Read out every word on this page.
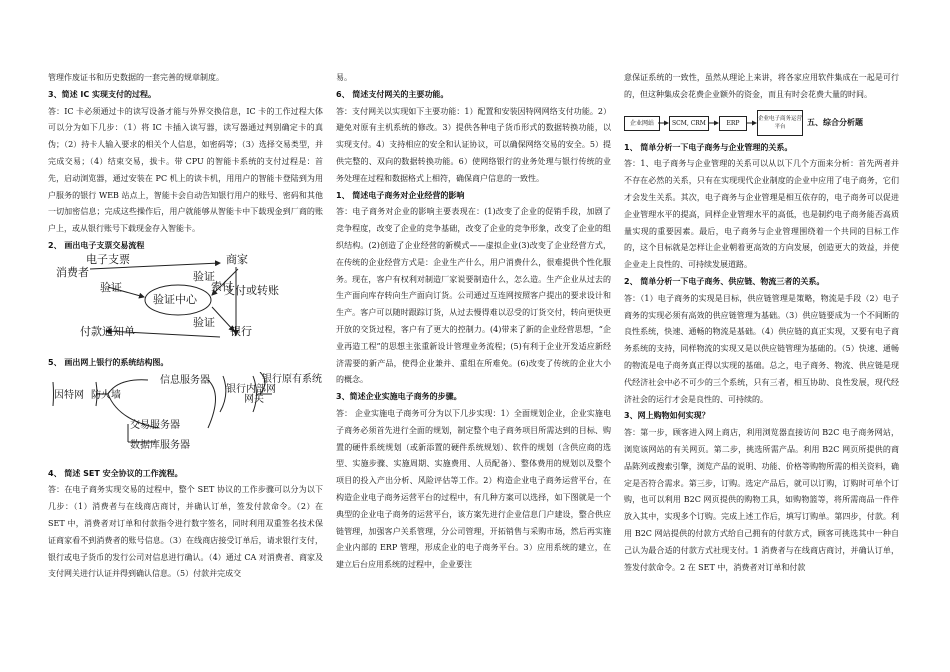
管理作废证书和历史数据的一套完善的规章制度。

3、简述 IC 实现支付的过程。

答：IC 卡必须通过卡的读写设备才能与外界交换信息，IC 卡的工作过程大体可以分为如下几步：（1）将 IC 卡插入读写器，读写器通过判别确定卡的真伪；（2）持卡人输入要求的相关个人信息，如密码等；（3）选择交易类型，并完成交易；（4）结束交易，拔卡。带 CPU 的智能卡系统的支付过程是：首先，启动浏览器，通过安装在 PC 机上的读卡机，用用户的智能卡登陆到为用户服务的银行 WEB 站点上，智能卡会自动告知银行用户的账号、密码和其他一切加密信息；完成这些操作后，用户就能够从智能卡中下载现金到厂商的账户上，或从银行账号下载现金存入智能卡。

2、 画出电子支票交易流程
电子支票	商家
消费者	验证
验证	索付
验证中心
支付或转账
验证
付款通知单	银行
5、 画出网上银行的系统结构图。
因特网 防火墙
信息服务器
银行内部网
银行原有系统
网关
交易服务器
数据库服务器
4、 简述 SET 安全协议的工作流程。

答：在电子商务实现交易的过程中，整个 SET 协议的工作步骤可以分为以下几步：（1）消费者与在线商店商讨，并确认订单，签发付款命令。（2）在 SET 中，消费者对订单和付款指令进行数字签名，同时利用双重签名技术保证商家看不到消费者的账号信息。（3）在线商店接受订单后，请求银行支付，银行或电子货币的发行公司对信息进行确认。（4）通过 CA 对消费者、商家及支付网关进行认证并得到确认信息。（5）付款并完成交

易。

6、 简述支付网关的主要功能。

答：支付网关以实现如下主要功能：1）配置和安装因特网网络支付功能。2）避免对原有主机系统的修改。3）提供各种电子货币形式的数据转换功能，以实现支付。4）支持相应的安全和认证协议，可以确保网络交易的安全。5）提供完整的、双向的数据转换功能。6）使网络银行的业务处理与银行传统的业务处理在过程和数据格式上相符，确保商户信息的一致性。

1、 简述电子商务对企业经营的影响

答：电子商务对企业的影响主要表现在：(1)改变了企业的促销手段，加剧了竞争程度，改变了企业的竞争基础，改变了企业的竞争形象，改变了企业的组织结构。(2)创造了企业经营的新模式——虚拟企业(3)改变了企业经营方式，在传统的企业经营方式是：企业生产什么，用户消费什么，很难提供个性化服务。现在，客户有权利对制造厂家说要制造什么，怎么造。生产企业从过去的生产面向库存转向生产面向订货。公司通过互连网按照客户提出的要求设计和生产。客户可以随时跟踪订货，从过去慢得难以忍受的订货交付，转向更快更开放的交货过程，客户有了更大的控制力。(4)带来了新的企业经营思想，“企业再造工程”的思想主张重新设计管理业务流程；(5)有利于企业开发适应新经济需要的新产品，使得企业兼并、重组在所难免。(6)改变了传统的企业大小的概念。

3、简述企业实施电子商务的步骤。

答： 企业实施电子商务可分为以下几步实现：1）全面规划企业，企业实施电子商务必须首先进行全面的规划，制定整个电子商务项目所需达到的目标、购置的硬件系统规划（或新添置的硬件系统规划）、软件的规划（含供应商的选型、实施步骤、实施周期、实施费用、人员配备）、整体费用的规划以及整个项目的投入产出分析、风险评估等工作。2）构造企业电子商务运营平台，在构造企业电子商务运营平台的过程中，有几种方案可以选择，如下图就是一个典型的企业电子商务的运营平台，该方案先进行企业信息门户建设，整合供应链管理，加强客户关系管理，分公司管理，开拓销售与采购市场，然后再实施企业内部的 ERP 管理，形成企业的电子商务平台。3）应用系统的建立，在建立后台应用系统的过程中，企业要注

意保证系统的一致性，虽然从理论上来讲，将各家应用软件集成在一起是可行的，但这种集成会花费企业额外的资金，而且有时会花费大量的时间。

企业网站	SCM, CRM	ERP
企业电子商务运营平台	五、综合分析题
1、 简单分析一下电子商务与企业管理的关系。

答：1、电子商务与企业管理的关系可以从以下几个方面来分析：首先两者并不存在必然的关系，只有在实现现代企业制度的企业中应用了电子商务，它们才会发生关系。其次，电子商务与企业管理是相互依存的，电子商务可以促进企业管理水平的提高，同样企业管理水平的高低，也是制约电子商务能否高质量实现的重要因素。最后，电子商务与企业管理围绕着一个共同的目标工作的，这个目标就是怎样让企业朝着更高效的方向发展，创造更大的效益，并使企业走上良性的、可持续发展道路。

2、 简单分析一下电子商务、供应链、物流三者的关系。

答：（1）电子商务的实现是目标，供应链管理是策略，物流是手段（2）电子商务的实现必须有高效的供应链管理为基础。（3）供应链要成为一个不间断的良性系统，快速、通畅的物流是基础。（4）供应链的真正实现，又要有电子商务系统的支持，同样物流的实现又是以供应链管理为基础的。（5）快速、通畅的物流是电子商务真正得以实现的基础。总之，电子商务、物流、供应链是现代经济社会中必不可少的三个系统，只有三者，相互协助、良性发展，现代经济社会的运行才会是良性的、可持续的。

3、网上购物如何实现？

答：第一步，顾客进入网上商店，利用浏览器直接访问 B2C 电子商务网站，浏览该网站的有关网页。第二步，挑选所需产品。利用 B2C 网页所提供的商品陈列或搜索引擎，浏览产品的说明、功能、价格等购物所需的相关资料，确定是否符合需求。第三步，订购。选定产品后，就可以订购，订购时可单个订购，也可以利用 B2C 网页提供的购物工具，如购物篮等，将所需商品一件件放入其中，实现多个订购。完成上述工作后，填写订购单。第四步，付款。利用 B2C 网站提供的付款方式给自己拥有的付款方式，顾客可挑选其中一种自己认为最合适的付款方式社现支付。1 消费者与在线商店商讨，并确认订单，签发付款命令。2 在 SET 中，消费者对订单和付款
